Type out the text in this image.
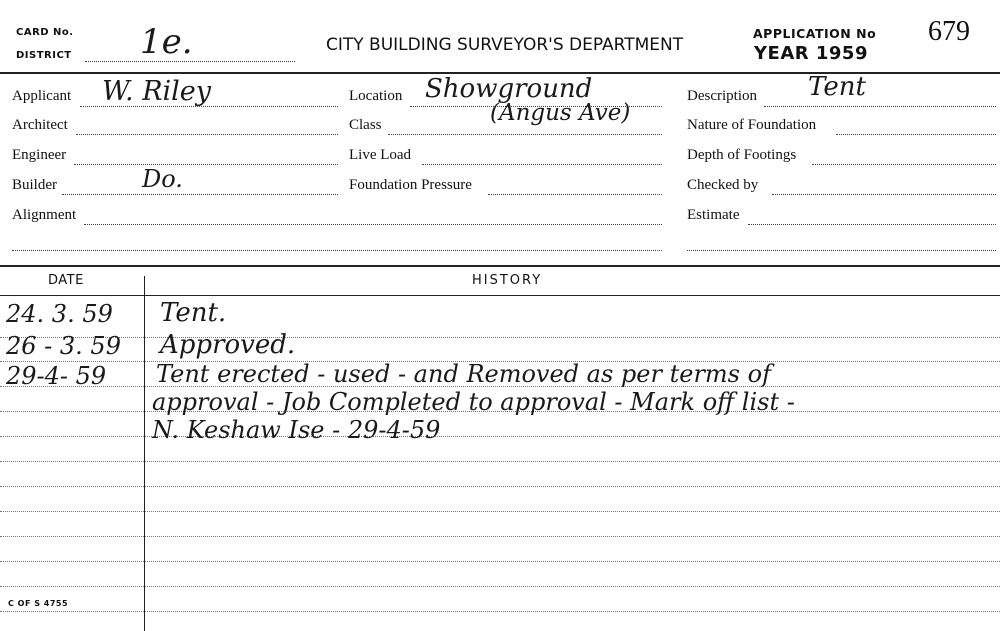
CARD No.
DISTRICT 1e.	CITY BUILDING SURVEYOR'S DEPARTMENT
APPLICATION No
YEAR 1959
679
Applicant W. Riley
Architect
Engineer
Builder	Do.
Alignment
Location Showground
Class	(Angus Ave)
Live Load
Foundation Pressure
Description Tent
Nature of Foundation
Depth of Footings
Checked by
Estimate
DATE	HISTORY
24. 3. 59 Tent.
26 - 3. 59 Approved.
29-4- 59 Tent erected - used - and Removed as per terms of
approval - Job Completed to approval - Mark off list -
N. Keshaw Ise - 29-4-59
C OF S 4755
